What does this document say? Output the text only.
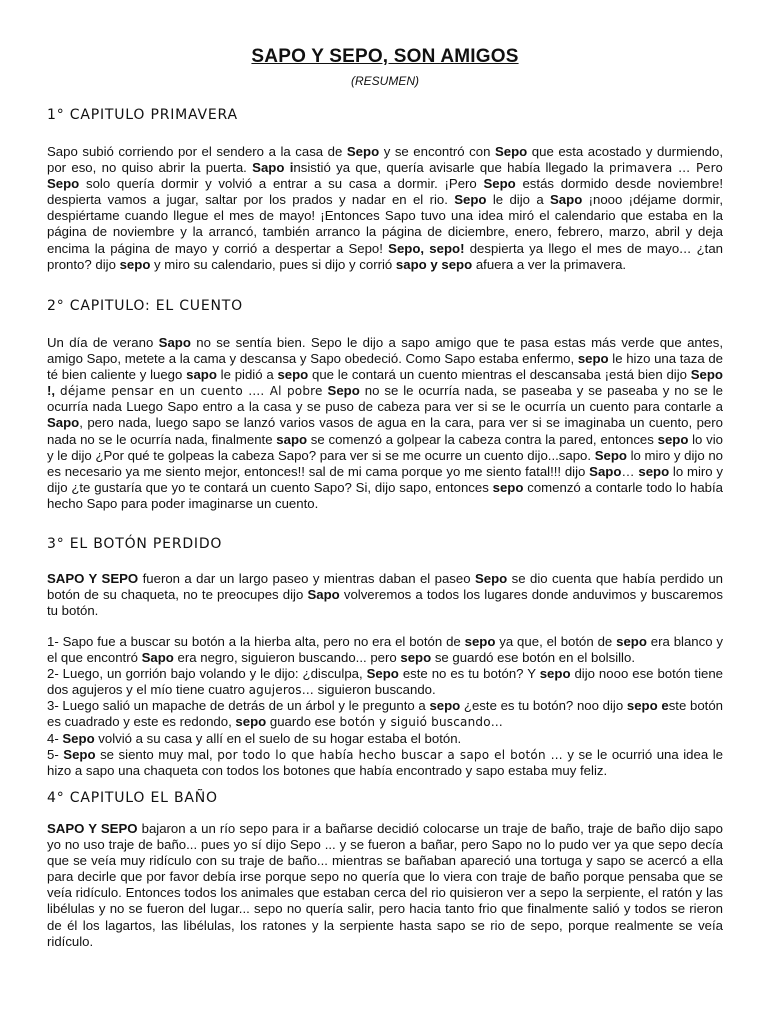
SAPO Y SEPO, SON AMIGOS
(RESUMEN)
1° CAPITULO PRIMAVERA

Sapo subió corriendo por el sendero a la casa de Sepo y se encontró con Sepo que esta acostado y durmiendo, por eso, no quiso abrir la puerta. Sapo insistió ya que, quería avisarle que había llegado la primavera … Pero Sepo solo quería dormir y volvió a entrar a su casa a dormir. ¡Pero Sepo estás dormido desde noviembre! despierta vamos a jugar, saltar por los prados y nadar en el rio. Sepo le dijo a Sapo ¡nooo ¡déjame dormir, despiértame cuando llegue el mes de mayo! ¡Entonces Sapo tuvo una idea miró el calendario que estaba en la página de noviembre y la arrancó, también arranco la página de diciembre, enero, febrero, marzo, abril y deja encima la página de mayo y corrió a despertar a Sepo! Sepo, sepo! despierta ya llego el mes de mayo… ¿tan pronto? dijo sepo y miro su calendario, pues si dijo y corrió sapo y sepo afuera a ver la primavera.

2° CAPITULO: EL CUENTO

Un día de verano Sapo no se sentía bien. Sepo le dijo a sapo amigo que te pasa estas más verde que antes, amigo Sapo, metete a la cama y descansa y Sapo obedeció. Como Sapo estaba enfermo, sepo le hizo una taza de té bien caliente y luego sapo le pidió a sepo que le contará un cuento mientras el descansaba ¡está bien dijo Sepo !, déjame pensar en un cuento …. Al pobre Sepo no se le ocurría nada, se paseaba y se paseaba y no se le ocurría nada Luego Sapo entro a la casa y se puso de cabeza para ver si se le ocurría un cuento para contarle a Sapo, pero nada, luego sapo se lanzó varios vasos de agua en la cara, para ver si se imaginaba un cuento, pero nada no se le ocurría nada, finalmente sapo se comenzó a golpear la cabeza contra la pared, entonces sepo lo vio y le dijo ¿Por qué te golpeas la cabeza Sapo? para ver si se me ocurre un cuento dijo...sapo. Sepo lo miro y dijo no es necesario ya me siento mejor, entonces!! sal de mi cama porque yo me siento fatal!!! dijo Sapo… sepo lo miro y dijo ¿te gustaría que yo te contará un cuento Sapo? Si, dijo sapo, entonces sepo comenzó a contarle todo lo había hecho Sapo para poder imaginarse un cuento.

3° EL BOTÓN PERDIDO

SAPO Y SEPO fueron a dar un largo paseo y mientras daban el paseo Sepo se dio cuenta que había perdido un botón de su chaqueta, no te preocupes dijo Sapo volveremos a todos los lugares donde anduvimos y buscaremos tu botón.

1- Sapo fue a buscar su botón a la hierba alta, pero no era el botón de sepo ya que, el botón de sepo era blanco y el que encontró Sapo era negro, siguieron buscando... pero sepo se guardó ese botón en el bolsillo.
2- Luego, un gorrión bajo volando y le dijo: ¿disculpa, Sepo este no es tu botón? Y sepo dijo nooo ese botón tiene dos agujeros y el mío tiene cuatro agujeros… siguieron buscando.
3- Luego salió un mapache de detrás de un árbol y le pregunto a sepo ¿este es tu botón? noo dijo sepo este botón es cuadrado y este es redondo, sepo guardo ese botón y siguió buscando…
4- Sepo volvió a su casa y allí en el suelo de su hogar estaba el botón.
5- Sepo se siento muy mal, por todo lo que había hecho buscar a sapo el botón … y se le ocurrió una idea le hizo a sapo una chaqueta con todos los botones que había encontrado y sapo estaba muy feliz.

4° CAPITULO EL BAÑO

SAPO Y SEPO bajaron a un río sepo para ir a bañarse decidió colocarse un traje de baño, traje de baño dijo sapo yo no uso traje de baño... pues yo sí dijo Sepo ... y se fueron a bañar, pero Sapo no lo pudo ver ya que sepo decía que se veía muy ridículo con su traje de baño... mientras se bañaban apareció una tortuga y sapo se acercó a ella para decirle que por favor debía irse porque sepo no quería que lo viera con traje de baño porque pensaba que se veía ridículo. Entonces todos los animales que estaban cerca del rio quisieron ver a sepo la serpiente, el ratón y las libélulas y no se fueron del lugar... sepo no quería salir, pero hacia tanto frio que finalmente salió y todos se rieron de él los lagartos, las libélulas, los ratones y la serpiente hasta sapo se rio de sepo, porque realmente se veía ridículo.
